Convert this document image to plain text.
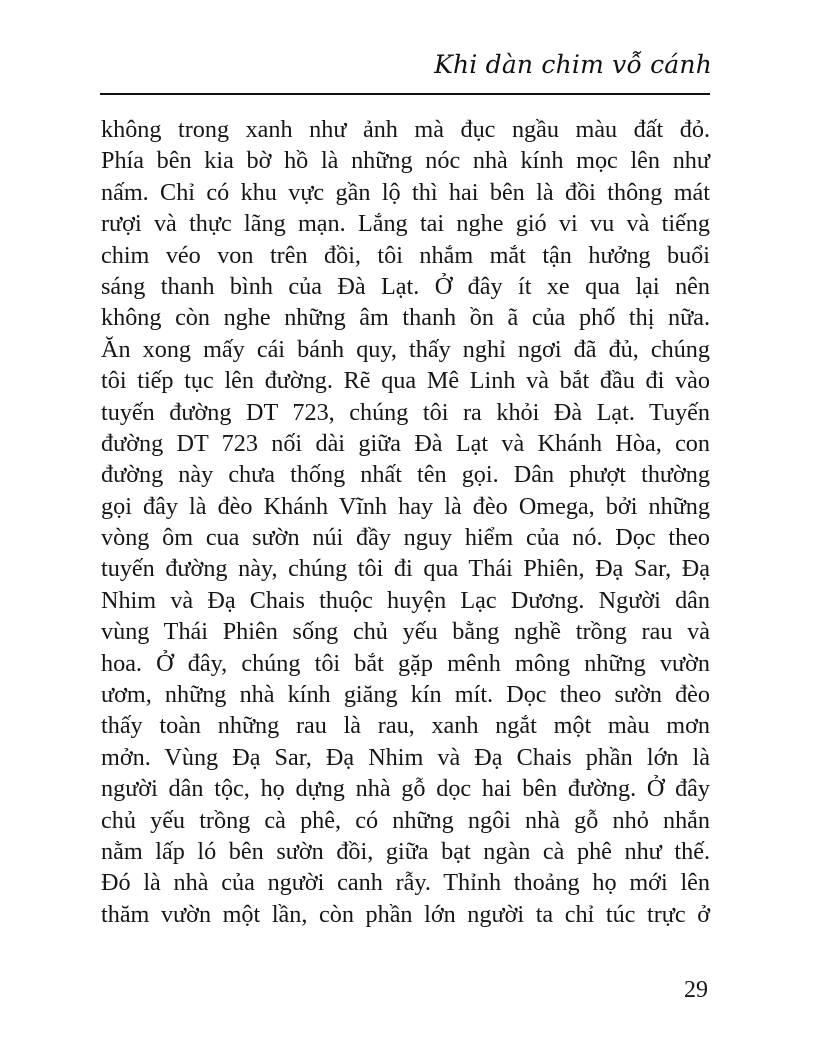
Khi dàn chim vỗ cánh
không trong xanh như ảnh mà đục ngầu màu đất đỏ.
Phía bên kia bờ hồ là những nóc nhà kính mọc lên như
nấm. Chỉ có khu vực gần lộ thì hai bên là đồi thông mát
rượi và thực lãng mạn. Lắng tai nghe gió vi vu và tiếng
chim véo von trên đồi, tôi nhắm mắt tận hưởng buổi
sáng thanh bình của Đà Lạt. Ở đây ít xe qua lại nên
không còn nghe những âm thanh ồn ã của phố thị nữa.
Ăn xong mấy cái bánh quy, thấy nghỉ ngơi đã đủ, chúng
tôi tiếp tục lên đường. Rẽ qua Mê Linh và bắt đầu đi vào
tuyến đường DT 723, chúng tôi ra khỏi Đà Lạt. Tuyến
đường DT 723 nối dài giữa Đà Lạt và Khánh Hòa, con
đường này chưa thống nhất tên gọi. Dân phượt thường
gọi đây là đèo Khánh Vĩnh hay là đèo Omega, bởi những
vòng ôm cua sườn núi đầy nguy hiểm của nó. Dọc theo
tuyến đường này, chúng tôi đi qua Thái Phiên, Đạ Sar, Đạ
Nhim và Đạ Chais thuộc huyện Lạc Dương. Người dân
vùng Thái Phiên sống chủ yếu bằng nghề trồng rau và
hoa. Ở đây, chúng tôi bắt gặp mênh mông những vườn
ươm, những nhà kính giăng kín mít. Dọc theo sườn đèo
thấy toàn những rau là rau, xanh ngắt một màu mơn
mởn. Vùng Đạ Sar, Đạ Nhim và Đạ Chais phần lớn là
người dân tộc, họ dựng nhà gỗ dọc hai bên đường. Ở đây
chủ yếu trồng cà phê, có những ngôi nhà gỗ nhỏ nhắn
nằm lấp ló bên sườn đồi, giữa bạt ngàn cà phê như thế.
Đó là nhà của người canh rẫy. Thỉnh thoảng họ mới lên
thăm vườn một lần, còn phần lớn người ta chỉ túc trực ở
29
